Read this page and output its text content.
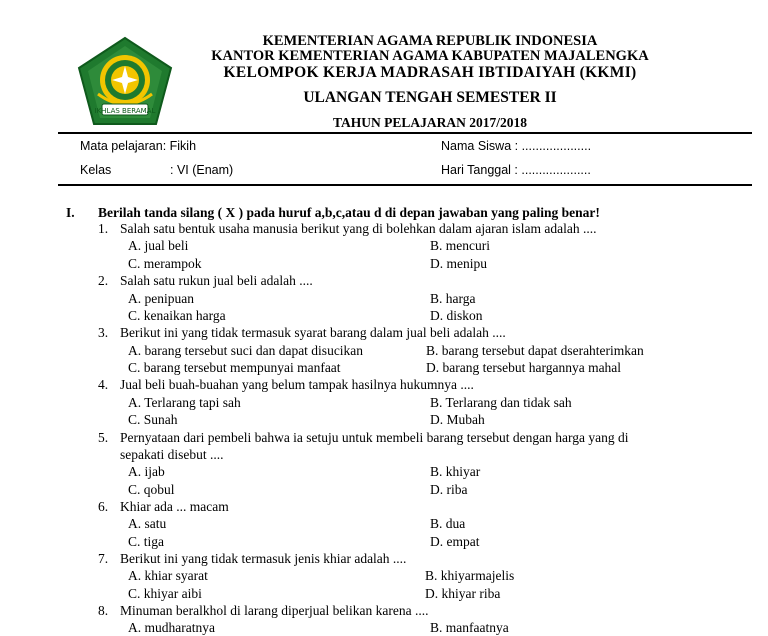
IKHLAS BERAMAL
KEMENTERIAN AGAMA REPUBLIK INDONESIA
KANTOR KEMENTERIAN AGAMA KABUPATEN MAJALENGKA
KELOMPOK KERJA MADRASAH IBTIDAIYAH (KKMI)
ULANGAN TENGAH SEMESTER II
TAHUN PELAJARAN 2017/2018
Mata pelajaran: Fikih	Nama Siswa : ....................
Kelas	: VI (Enam)	Hari Tanggal : ....................
I. Berilah tanda silang ( X ) pada huruf a,b,c,atau d di depan jawaban yang paling benar!
1. Salah satu bentuk usaha manusia berikut yang di bolehkan dalam ajaran islam adalah ....
A. jual beli	B. mencuri
C. merampok	D. menipu
2. Salah satu rukun jual beli adalah ....
A. penipuan	B. harga
C. kenaikan harga	D. diskon
3. Berikut ini yang tidak termasuk syarat barang dalam jual beli adalah ....
A. barang tersebut suci dan dapat disucikan	B. barang tersebut dapat dserahterimkan
C. barang tersebut mempunyai manfaat	D. barang tersebut hargannya mahal
4. Jual beli buah-buahan yang belum tampak hasilnya hukumnya ....
A. Terlarang tapi sah	B. Terlarang dan tidak sah
C. Sunah	D. Mubah
5. Pernyataan dari pembeli bahwa ia setuju untuk membeli barang tersebut dengan harga yang di
sepakati disebut ....
A. ijab	B. khiyar
C. qobul	D. riba
6. Khiar ada ... macam
A. satu	B. dua
C. tiga	D. empat
7. Berikut ini yang tidak termasuk jenis khiar adalah ....
A. khiar syarat	B. khiyarmajelis
C. khiyar aibi	D. khiyar riba
8. Minuman beralkhol di larang diperjual belikan karena ....
A. mudharatnya	B. manfaatnya
